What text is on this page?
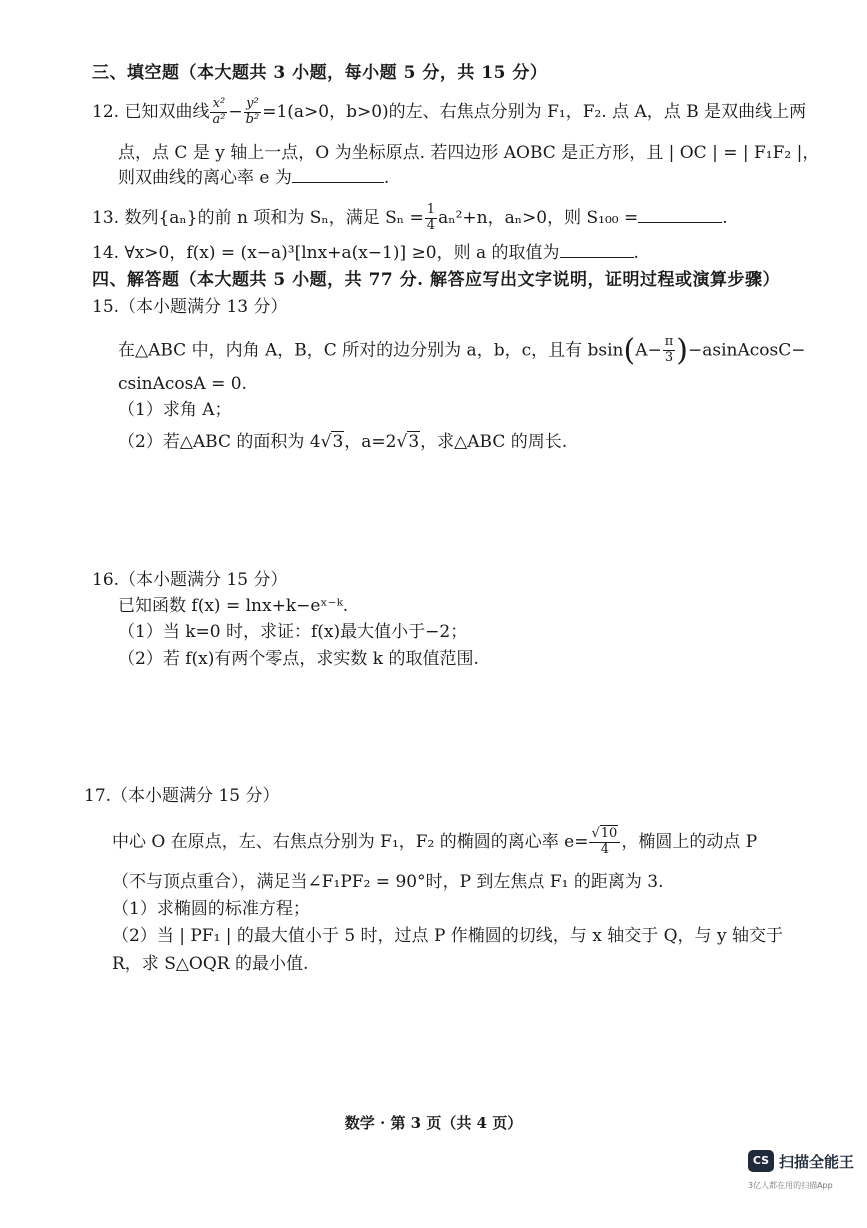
三、填空题（本大题共 3 小题，每小题 5 分，共 15 分）
12. 已知双曲线 $\frac{\text{x²}}{\text{a²}} - \frac{\text{y²}}{\text{b²}} =1(a>0$，b>0)的左、右焦点分别为 F₁，F₂. 点 A，点 B 是双曲线上两
点，点 C 是 y 轴上一点，O 为坐标原点. 若四边形 AOBC 是正方形，且 | OC | = | F₁F₂ |，
则双曲线的离心率 e 为	.
13. 数列{aₙ}的前 n 项和为 Sₙ，满足 $S_n = \frac{1}{4} a_n^2+n$，aₙ>0，则 S₁₀₀ =	.
14. ∀x>0，f(x) = (x−a)³[lnx+a(x−1)] ≥0，则 a 的取值为	.
四、解答题（本大题共 5 小题，共 77 分. 解答应写出文字说明，证明过程或演算步骤）
15.（本小题满分 13 分）
在△ABC 中，内角 A，B，C 所对的边分别为 a，b，c，且有 $bsin(A- \frac{\pi}{3}$ )−asinAcosC−
csinAcosA = 0.
（1）求角 A；
（2）若△ABC 的面积为 4√3，a=2√3，求△ABC 的周长.
16.（本小题满分 15 分）
已知函数 f(x) = lnx+k−eˣ⁻ᵏ.
（1）当 k=0 时，求证：f(x)最大值小于−2；
（2）若 f(x)有两个零点，求实数 k 的取值范围.
17.（本小题满分 15 分）
中心 O 在原点，左、右焦点分别为 F₁，F₂ 的椭圆的离心率 $e= \frac{√10}{4}$ ，椭圆上的动点 P
（不与顶点重合），满足当∠F₁PF₂ = 90°时，P 到左焦点 F₁ 的距离为 3.
（1）求椭圆的标准方程；
（2）当 | PF₁ | 的最大值小于 5 时，过点 P 作椭圆的切线，与 x 轴交于 Q，与 y 轴交于
R，求 S△OQR 的最小值.
数学 · 第 3 页（共 4 页）
CS 扫描全能王
3亿人都在用的扫描App
